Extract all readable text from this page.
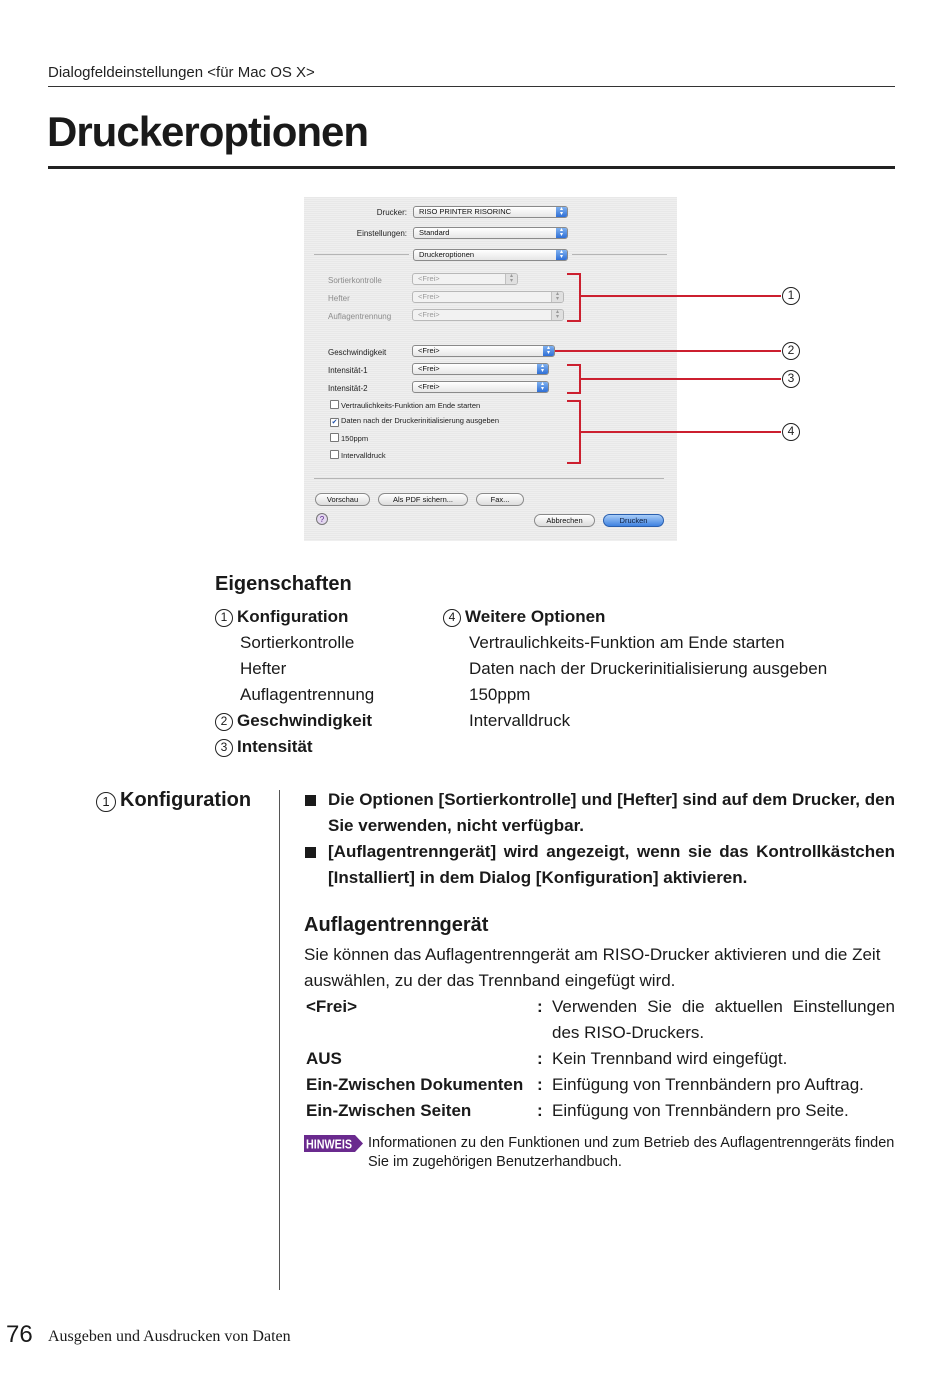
Dialogfeldeinstellungen <für Mac OS X>
Druckeroptionen
Drucker:	RISO PRINTER RISORINC	▴
▾
Einstellungen:	Standard	▴
▾
Druckeroptionen	▴
▾
Sortierkontrolle	<Frei>	▴
▾
Hefter	<Frei>	▴
▾
Auflagentrennung	<Frei>	▴
▾
Geschwindigkeit	<Frei>	▴
▾
Intensität-1	<Frei>	▴
▾
Intensität-2	<Frei>	▴
▾
Vertraulichkeits-Funktion am Ende starten
✔ Daten nach der Druckerinitialisierung ausgeben
150ppm
Intervalldruck
Vorschau	Als PDF sichern...	Fax...
?	Abbrechen	Drucken
1
2
3
4
Eigenschaften
1 Konfiguration
Sortierkontrolle
Hefter
Auflagentrennung
2 Geschwindigkeit
3 Intensität
4 Weitere Optionen
Vertraulichkeits-Funktion am Ende starten
Daten nach der Druckerinitialisierung ausgeben
150ppm
Intervalldruck
1 Konfiguration	Die Optionen [Sortierkontrolle] und [Hefter] sind auf dem Drucker, den Sie verwenden, nicht verfügbar.
[Auflagentrenngerät] wird angezeigt, wenn sie das Kontrollkästchen [Installiert] in dem Dialog [Konfiguration] aktivieren.
Auflagentrenngerät
Sie können das Auflagentrenngerät am RISO-Drucker aktivieren und die Zeit auswählen, zu der das Trennband eingefügt wird.
<Frei>	: Verwenden Sie die aktuellen Einstellungen des RISO-Druckers.
AUS	: Kein Trennband wird eingefügt.
Ein-Zwischen Dokumenten : Einfügung von Trennbändern pro Auftrag.
Ein-Zwischen Seiten	: Einfügung von Trennbändern pro Seite.
HINWEIS Informationen zu den Funktionen und zum Betrieb des Auflagentrenngeräts finden Sie im zugehörigen Benutzerhandbuch.
76 Ausgeben und Ausdrucken von Daten
